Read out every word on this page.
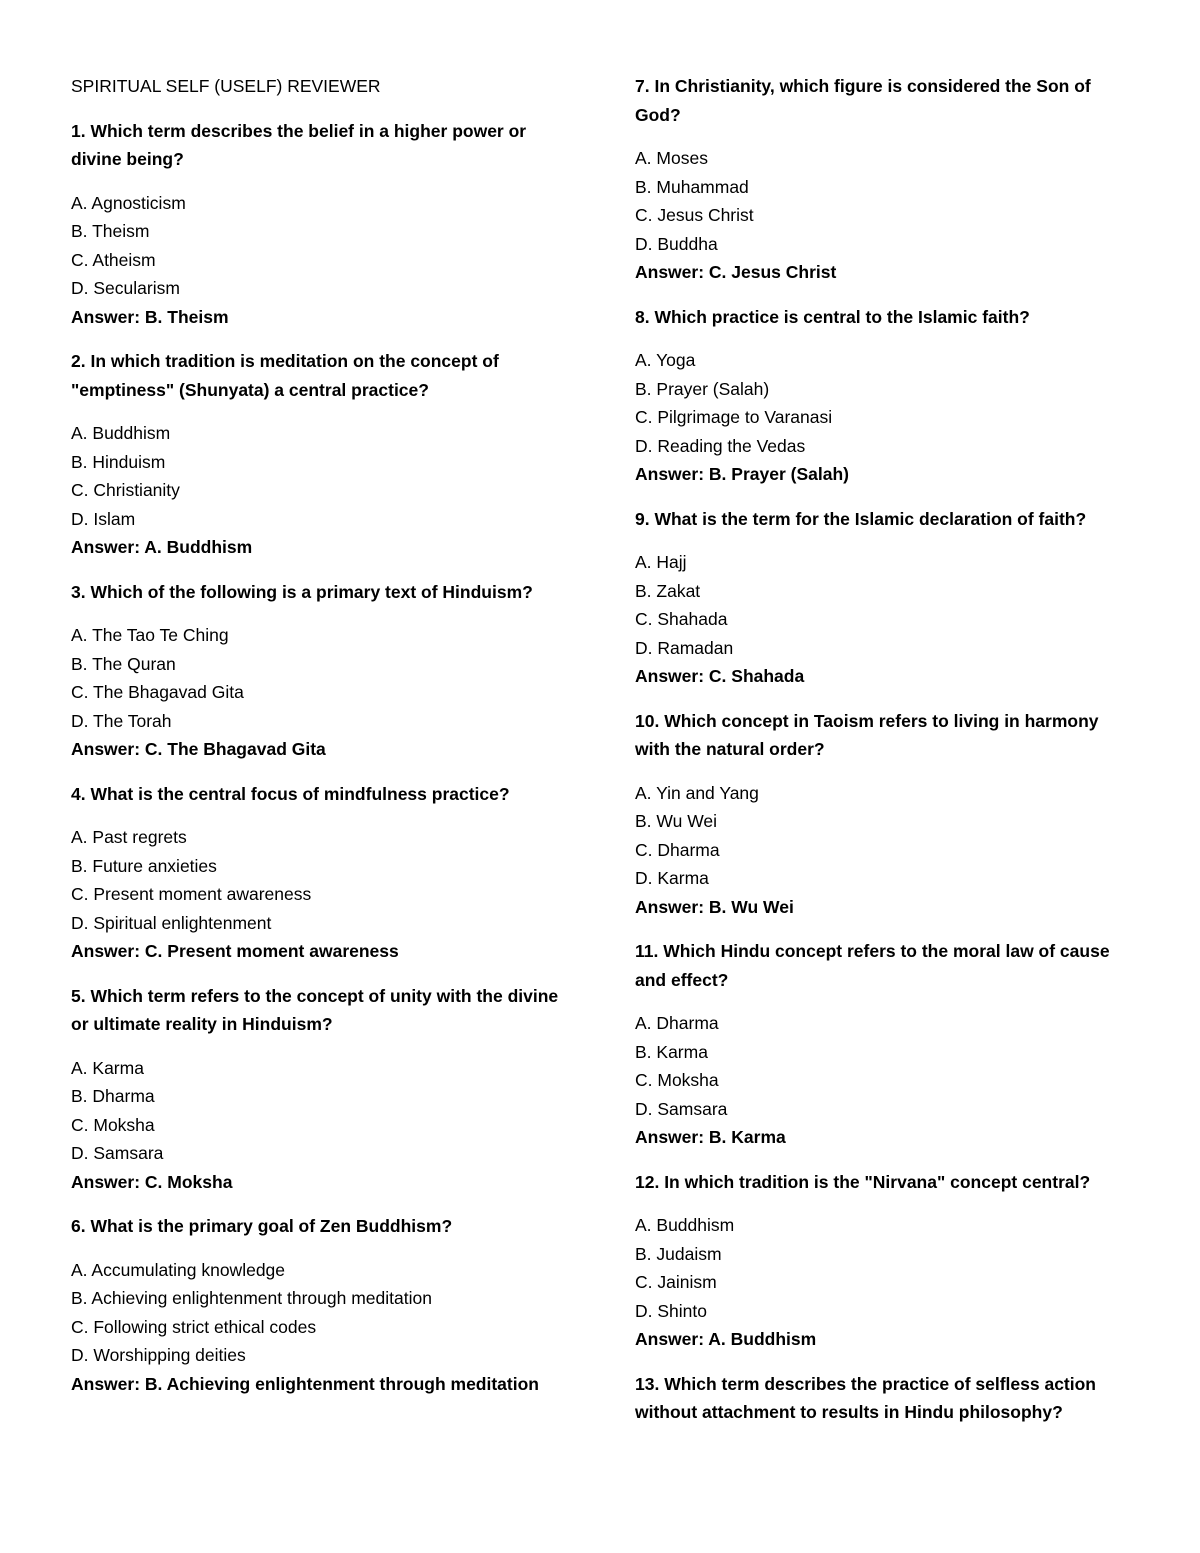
SPIRITUAL SELF (USELF) REVIEWER

1. Which term describes the belief in a higher power or divine being?

A. Agnosticism

B. Theism

C. Atheism

D. Secularism

Answer: B. Theism

2. In which tradition is meditation on the concept of "emptiness" (Shunyata) a central practice?

A. Buddhism

B. Hinduism

C. Christianity

D. Islam

Answer: A. Buddhism

3. Which of the following is a primary text of Hinduism?

A. The Tao Te Ching

B. The Quran

C. The Bhagavad Gita

D. The Torah

Answer: C. The Bhagavad Gita

4. What is the central focus of mindfulness practice?

A. Past regrets

B. Future anxieties

C. Present moment awareness

D. Spiritual enlightenment

Answer: C. Present moment awareness

5. Which term refers to the concept of unity with the divine or ultimate reality in Hinduism?

A. Karma

B. Dharma

C. Moksha

D. Samsara

Answer: C. Moksha

6. What is the primary goal of Zen Buddhism?

A. Accumulating knowledge

B. Achieving enlightenment through meditation

C. Following strict ethical codes

D. Worshipping deities

Answer: B. Achieving enlightenment through meditation

7. In Christianity, which figure is considered the Son of God?

A. Moses

B. Muhammad

C. Jesus Christ

D. Buddha

Answer: C. Jesus Christ

8. Which practice is central to the Islamic faith?

A. Yoga

B. Prayer (Salah)

C. Pilgrimage to Varanasi

D. Reading the Vedas

Answer: B. Prayer (Salah)

9. What is the term for the Islamic declaration of faith?

A. Hajj

B. Zakat

C. Shahada

D. Ramadan

Answer: C. Shahada

10. Which concept in Taoism refers to living in harmony with the natural order?

A. Yin and Yang

B. Wu Wei

C. Dharma

D. Karma

Answer: B. Wu Wei

11. Which Hindu concept refers to the moral law of cause and effect?

A. Dharma

B. Karma

C. Moksha

D. Samsara

Answer: B. Karma

12. In which tradition is the "Nirvana" concept central?

A. Buddhism

B. Judaism

C. Jainism

D. Shinto

Answer: A. Buddhism

13. Which term describes the practice of selfless action without attachment to results in Hindu philosophy?
